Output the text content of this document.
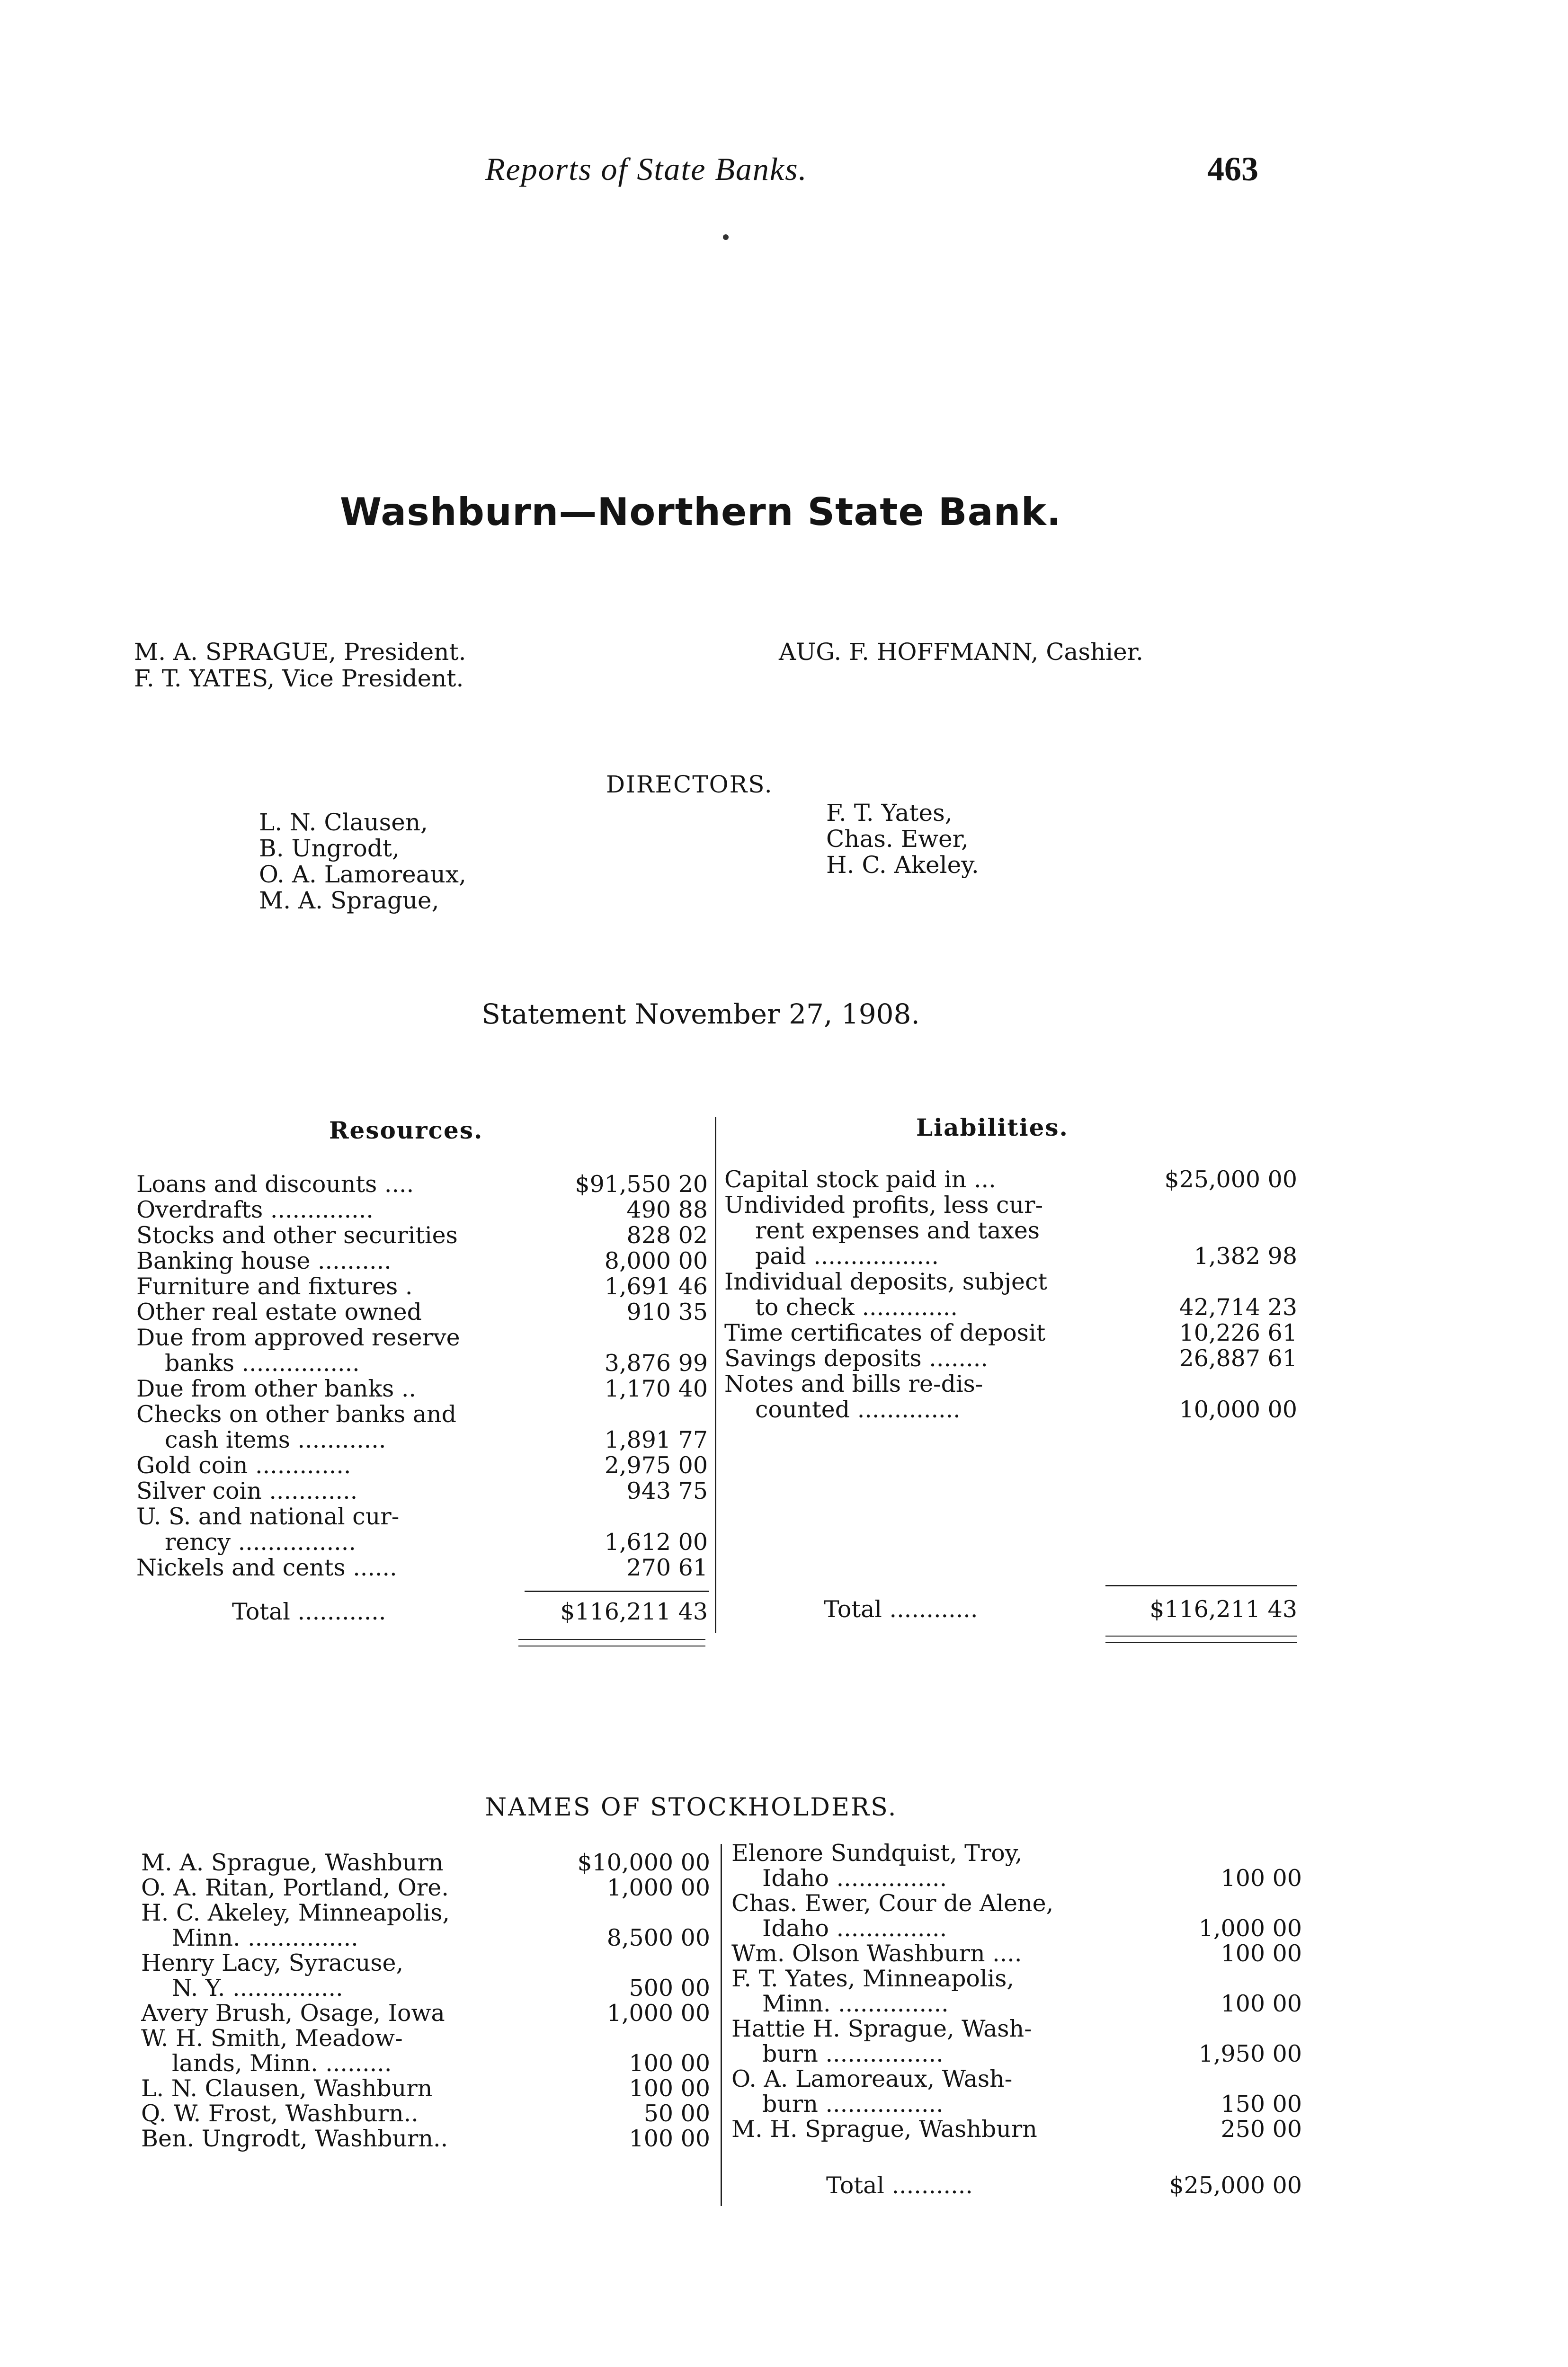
Reports of State Banks.	463
Washburn—Northern State Bank.
M. A. SPRAGUE, President.
F. T. YATES, Vice President.
AUG. F. HOFFMANN, Cashier.
DIRECTORS.
L. N. Clausen,
B. Ungrodt,
O. A. Lamoreaux,
M. A. Sprague,
F. T. Yates,
Chas. Ewer,
H. C. Akeley.
Statement November 27, 1908.
Resources.	Liabilities.
Loans and discounts ....	$91,550 20
Overdrafts ..............	490 88
Stocks and other securities	828 02
Banking house ..........	8,000 00
Furniture and fixtures .	1,691 46
Other real estate owned	910 35
Due from approved reserve
banks ................	3,876 99
Due from other banks ..	1,170 40
Checks on other banks and
cash items ............	1,891 77
Gold coin .............	2,975 00
Silver coin ............	943 75
U. S. and national cur-
rency ................	1,612 00
Nickels and cents ......	270 61
Capital stock paid in ...	$25,000 00
Undivided profits, less cur-
rent expenses and taxes
paid .................	1,382 98
Individual deposits, subject
to check .............	42,714 23
Time certificates of deposit	10,226 61
Savings deposits ........	26,887 61
Notes and bills re-dis-
counted ..............	10,000 00
Total ............	$116,211 43	Total ............	$116,211 43
NAMES OF STOCKHOLDERS.
M. A. Sprague, Washburn	$10,000 00
O. A. Ritan, Portland, Ore.	1,000 00
H. C. Akeley, Minneapolis,
Minn. ...............	8,500 00
Henry Lacy, Syracuse,
N. Y. ...............	500 00
Avery Brush, Osage, Iowa	1,000 00
W. H. Smith, Meadow-
lands, Minn. .........	100 00
L. N. Clausen, Washburn	100 00
Q. W. Frost, Washburn..	50 00
Ben. Ungrodt, Washburn..	100 00
Elenore Sundquist, Troy,
Idaho ...............	100 00
Chas. Ewer, Cour de Alene,
Idaho ...............	1,000 00
Wm. Olson Washburn ....	100 00
F. T. Yates, Minneapolis,
Minn. ...............	100 00
Hattie H. Sprague, Wash-
burn ................	1,950 00
O. A. Lamoreaux, Wash-
burn ................	150 00
M. H. Sprague, Washburn	250 00
Total ...........	$25,000 00
